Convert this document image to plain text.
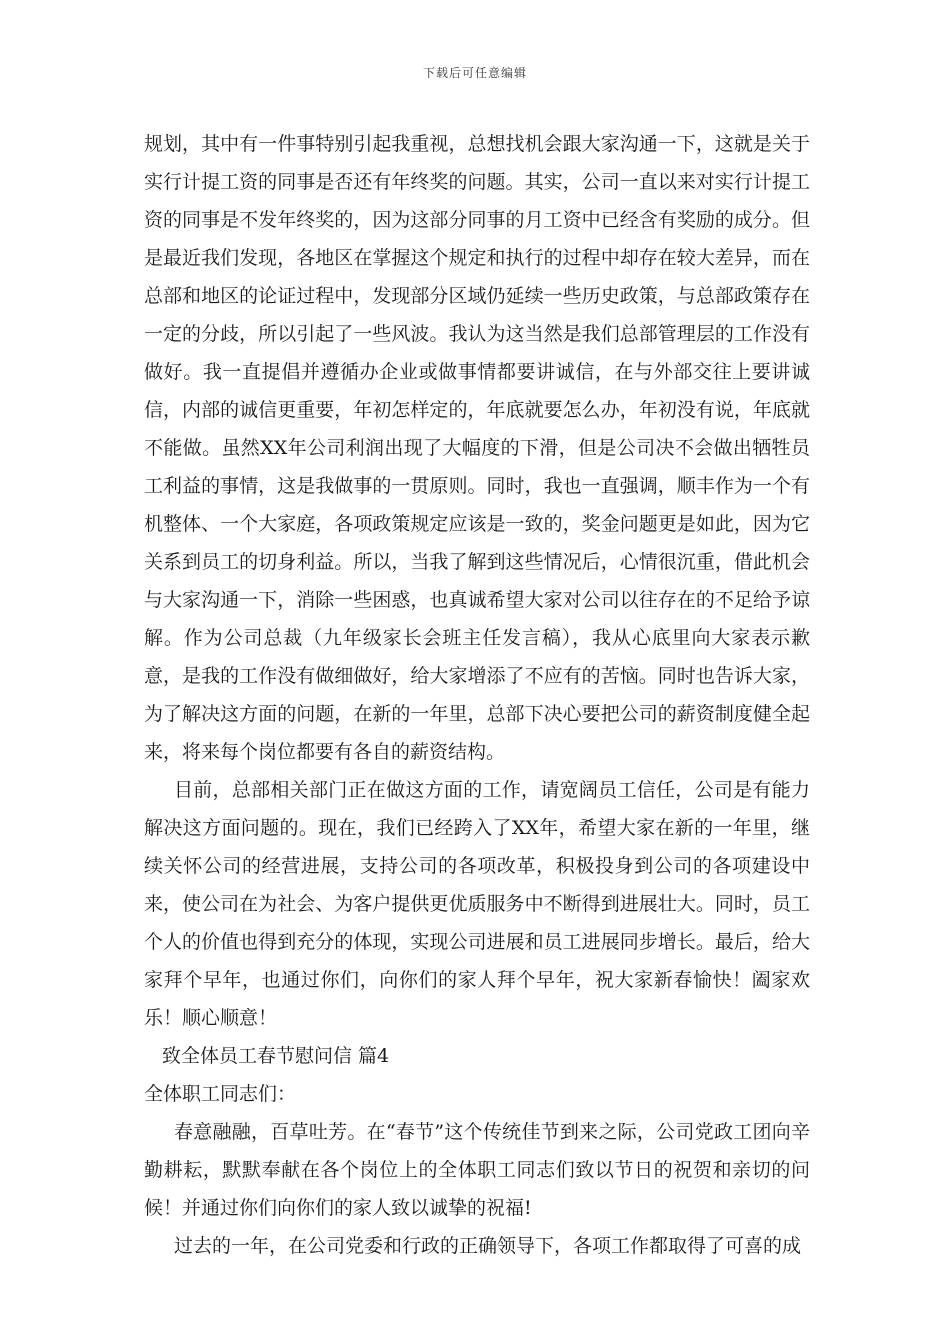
下载后可任意编辑

规划，其中有一件事特别引起我重视，总想找机会跟大家沟通一下，这就是关于实行计提工资的同事是否还有年终奖的问题。其实，公司一直以来对实行计提工资的同事是不发年终奖的，因为这部分同事的月工资中已经含有奖励的成分。但是最近我们发现，各地区在掌握这个规定和执行的过程中却存在较大差异，而在总部和地区的论证过程中，发现部分区域仍延续一些历史政策，与总部政策存在一定的分歧，所以引起了一些风波。我认为这当然是我们总部管理层的工作没有做好。我一直提倡并遵循办企业或做事情都要讲诚信，在与外部交往上要讲诚信，内部的诚信更重要，年初怎样定的，年底就要怎么办，年初没有说，年底就不能做。虽然XX年公司利润出现了大幅度的下滑，但是公司决不会做出牺牲员工利益的事情，这是我做事的一贯原则。同时，我也一直强调，顺丰作为一个有机整体、一个大家庭，各项政策规定应该是一致的，奖金问题更是如此，因为它关系到员工的切身利益。所以，当我了解到这些情况后，心情很沉重，借此机会与大家沟通一下，消除一些困惑，也真诚希望大家对公司以往存在的不足给予谅解。作为公司总裁（九年级家长会班主任发言稿），我从心底里向大家表示歉意，是我的工作没有做细做好，给大家增添了不应有的苦恼。同时也告诉大家，为了解决这方面的问题，在新的一年里，总部下决心要把公司的薪资制度健全起来，将来每个岗位都要有各自的薪资结构。

目前，总部相关部门正在做这方面的工作，请宽阔员工信任，公司是有能力解决这方面问题的。现在，我们已经跨入了XX年，希望大家在新的一年里，继续关怀公司的经营进展，支持公司的各项改革，积极投身到公司的各项建设中来，使公司在为社会、为客户提供更优质服务中不断得到进展壮大。同时，员工个人的价值也得到充分的体现，实现公司进展和员工进展同步增长。最后，给大家拜个早年，也通过你们，向你们的家人拜个早年，祝大家新春愉快！阖家欢乐！顺心顺意！

致全体员工春节慰问信 篇4

全体职工同志们：

春意融融，百草吐芳。在“春节”这个传统佳节到来之际，公司党政工团向辛勤耕耘，默默奉献在各个岗位上的全体职工同志们致以节日的祝贺和亲切的问候！并通过你们向你们的家人致以诚挚的祝福!

过去的一年，在公司党委和行政的正确领导下，各项工作都取得了可喜的成
